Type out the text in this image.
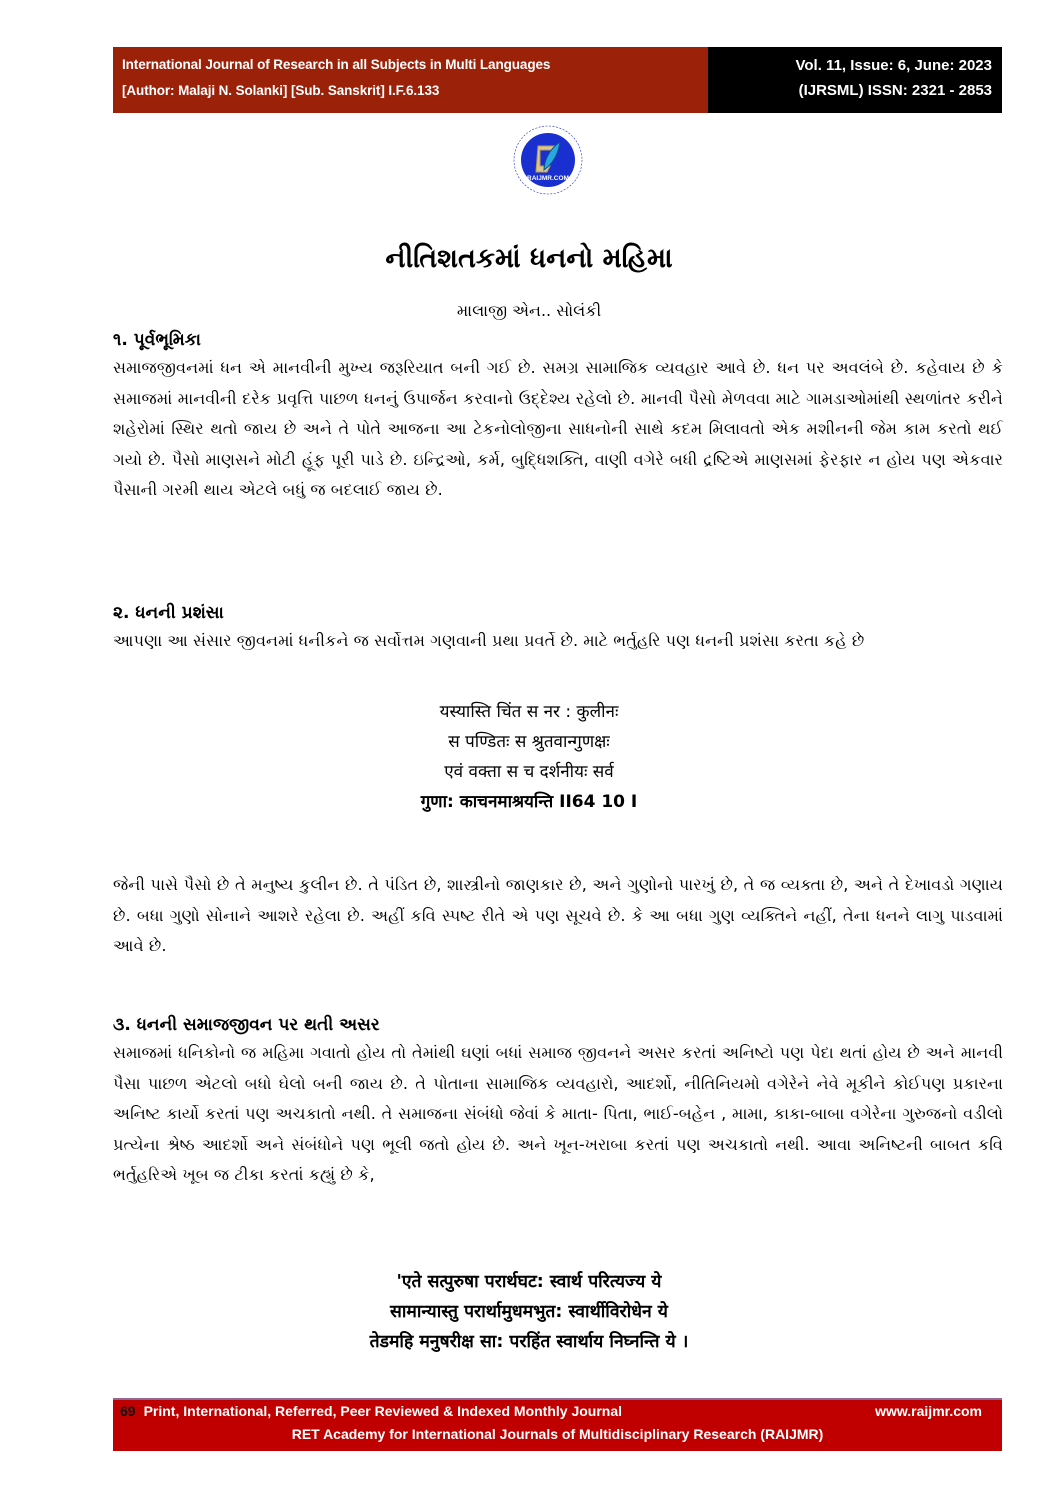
International Journal of Research in all Subjects in Multi Languages
[Author: Malaji N. Solanki] [Sub. Sanskrit] I.F.6.133
Vol. 11, Issue: 6, June: 2023
(IJRSML) ISSN: 2321 - 2853
RAIJMR.COM
નીતિશતકમાં ધનનો મહિમા
માલાજી એન.. સોલંકી
૧. પૂર્વભૂમિકા
સમાજજીવનમાં ધન એ માનવીની મુખ્ય જરૂરિયાત બની ગઈ છે. સમગ્ર સામાજિક વ્યવહાર આવે છે. ધન પર અવલંબે છે. કહેવાય છે કે સમાજમાં માનવીની દરેક પ્રવૃત્તિ પાછળ ધનનું ઉપાર્જન કરવાનો ઉદ્દેશ્ય રહેલો છે. માનવી પૈસો મેળવવા માટે ગામડાઓમાંથી સ્થળાંતર કરીને શહેરોમાં સ્થિર થતો જાય છે અને તે પોતે આજના આ ટેકનોલોજીના સાધનોની સાથે કદમ મિલાવતો એક મશીનની જેમ કામ કરતો થઈ ગયો છે. પૈસો માણસને મોટી હૂંફ પૂરી પાડે છે. ઇન્દ્રિઓ, કર્મ, બુદ્ધિશક્તિ, વાણી વગેરે બધી દ્રષ્ટિએ માણસમાં ફેરફાર ન હોય પણ એકવાર પૈસાની ગરમી થાય એટલે બધું જ બદલાઈ જાય છે.
૨. ધનની પ્રશંસા
આપણા આ સંસાર જીવનમાં ધનીકને જ સર્વોત્તમ ગણવાની પ્રથા પ્રવર્તે છે. માટે ભર્તુહરિ પણ ધનની પ્રશંસા કરતા કહે છે
यस्यास्ति चिंत स नर : कुलीनः
स पण्डितः स श्रुतवान्गुणक्षः
एवं वक्ता स च दर्शनीयः सर्व
गुणा: काचनमाश्रयन्ति II64 10 I
જેની પાસે પૈસો છે તે મનુષ્ય કુલીન છે. તે પંડિત છે, શાસ્ત્રીનો જાણકાર છે, અને ગુણોનો પારખું છે, તે જ વ્યક્તા છે, અને તે દેખાવડો ગણાય છે. બધા ગુણો સોનાને આશરે રહેલા છે. અહીં કવિ સ્પષ્ટ રીતે એ પણ સૂચવે છે. કે આ બધા ગુણ વ્યક્તિને નહીં, તેના ધનને લાગુ પાડવામાં આવે છે.
૩. ધનની સમાજજીવન પર થતી અસર
સમાજમાં ધનિકોનો જ મહિમા ગવાતો હોય તો તેમાંથી ઘણાં બધાં સમાજ જીવનને અસર કરતાં અનિષ્ટો પણ પેદા થતાં હોય છે અને માનવી પૈસા પાછળ એટલો બધો ઘેલો બની જાય છે. તે પોતાના સામાજિક વ્યવહારો, આદર્શો, નીતિનિયમો વગેરેને નેવે મૂકીને કોઈપણ પ્રકારના અનિષ્ટ કાર્યો કરતાં પણ અચકાતો નથી. તે સમાજના સંબંધો જેવાં કે માતા- પિતા, ભાઈ-બહેન , મામા, કાકા-બાબા વગેરેના ગુરુજનો વડીલો પ્રત્યેના શ્રેષ્ઠ આદર્શો અને સંબંધોને પણ ભૂલી જતો હોય છે. અને ખૂન-ખરાબા કરતાં પણ અચકાતો નથી. આવા અનિષ્ટની બાબત કવિ ભર્તુહરિએ ખૂબ જ ટીકા કરતાં કહ્યું છે કે,
'एते सत्पुरुषा परार्थघट: स्वार्थ परित्यज्य ये
सामान्यास्तु परार्थामुधमभुत: स्वार्थीविरोधेन ये
तेडमहि मनुषरीक्ष सा: परहिंत स्वार्थाय निघ्नन्ति ये ।
69 Print, International, Referred, Peer Reviewed & Indexed Monthly Journal	www.raijmr.com
RET Academy for International Journals of Multidisciplinary Research (RAIJMR)
